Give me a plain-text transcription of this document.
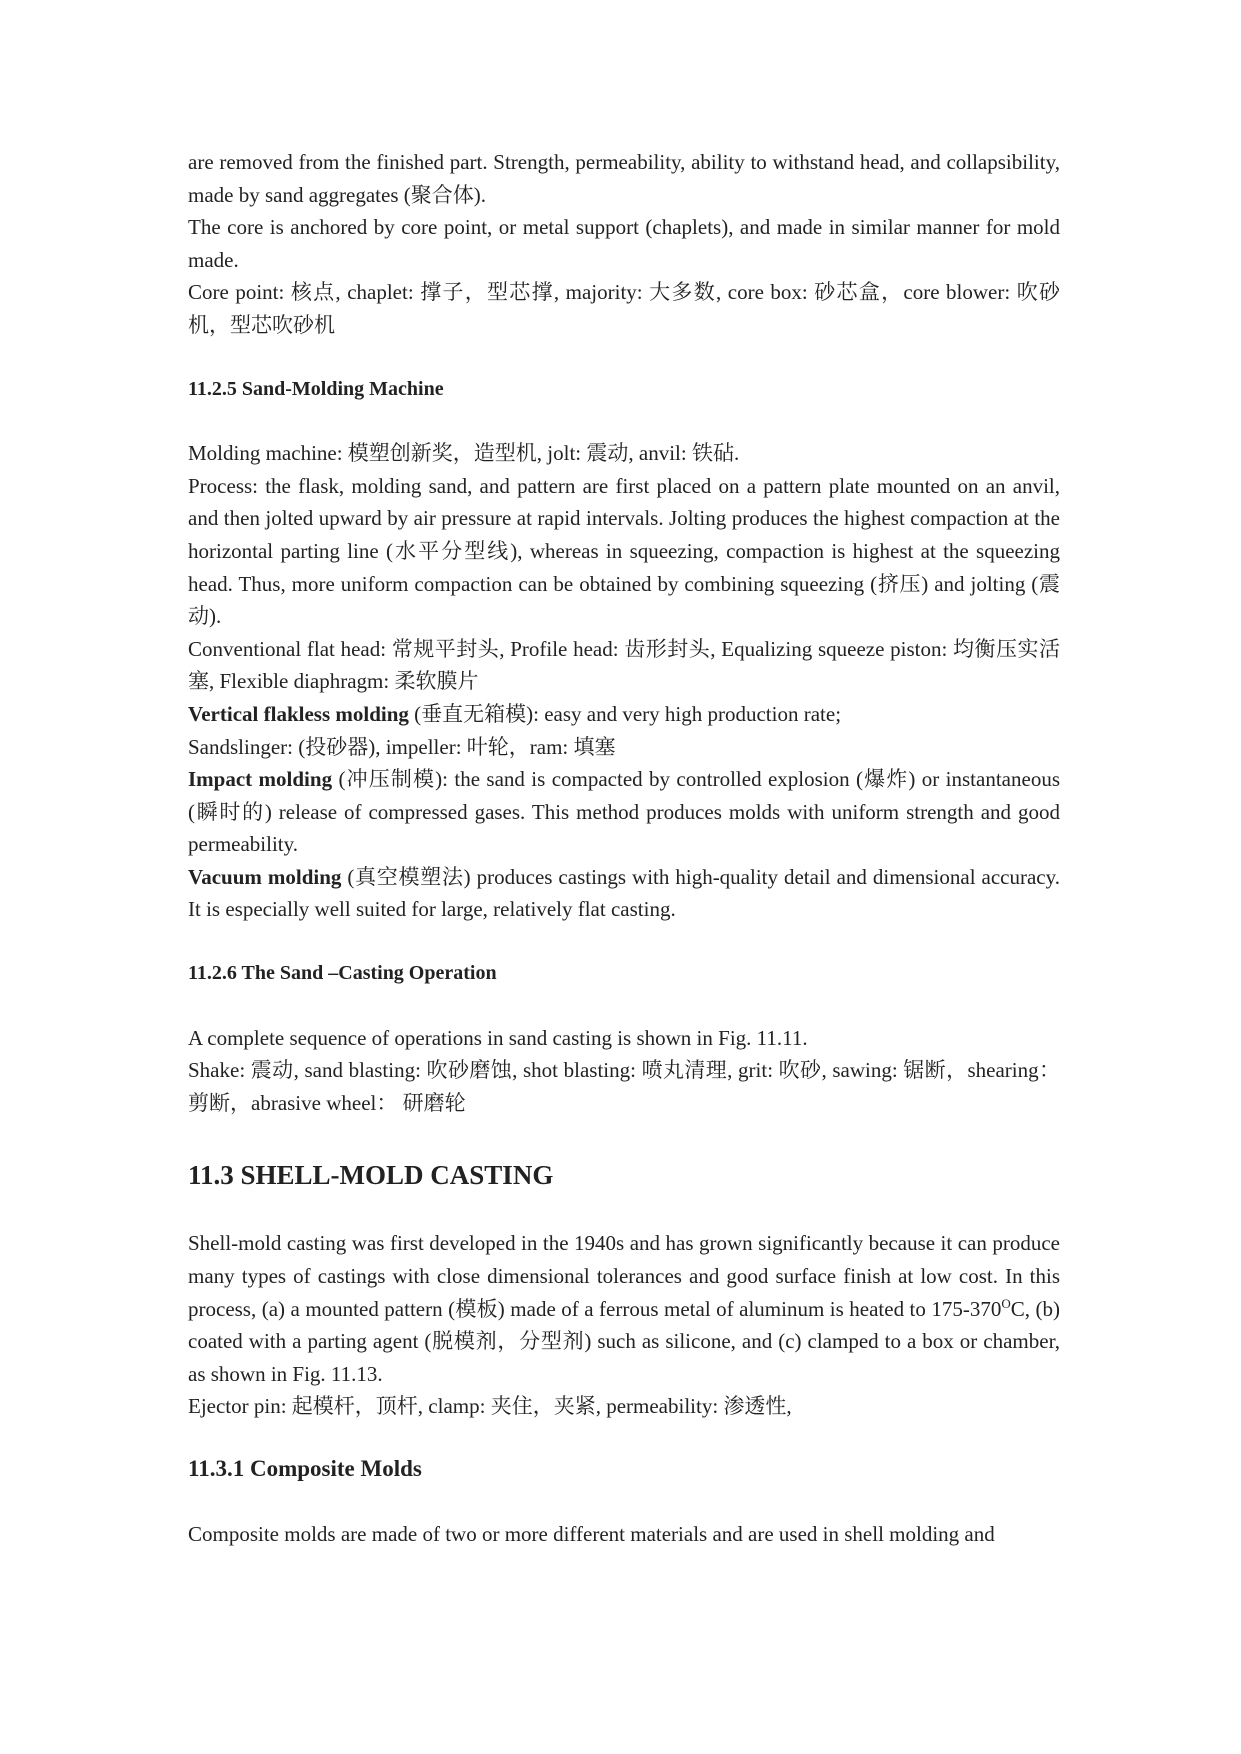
are removed from the finished part. Strength, permeability, ability to withstand head, and collapsibility, made by sand aggregates (聚合体).

The core is anchored by core point, or metal support (chaplets), and made in similar manner for mold made.

Core point: 核点, chaplet: 撑子，型芯撑, majority: 大多数, core box: 砂芯盒，core blower: 吹砂机，型芯吹砂机

11.2.5 Sand-Molding Machine

Molding machine: 模塑创新奖，造型机, jolt: 震动, anvil: 铁砧.

Process: the flask, molding sand, and pattern are first placed on a pattern plate mounted on an anvil, and then jolted upward by air pressure at rapid intervals. Jolting produces the highest compaction at the horizontal parting line (水平分型线), whereas in squeezing, compaction is highest at the squeezing head. Thus, more uniform compaction can be obtained by combining squeezing (挤压) and jolting (震动).

Conventional flat head: 常规平封头, Profile head: 齿形封头, Equalizing squeeze piston: 均衡压实活塞, Flexible diaphragm: 柔软膜片

Vertical flakless molding (垂直无箱模): easy and very high production rate;

Sandslinger: (投砂器), impeller: 叶轮，ram: 填塞

Impact molding (冲压制模): the sand is compacted by controlled explosion (爆炸) or instantaneous (瞬时的) release of compressed gases. This method produces molds with uniform strength and good permeability.

Vacuum molding (真空模塑法) produces castings with high-quality detail and dimensional accuracy. It is especially well suited for large, relatively flat casting.

11.2.6 The Sand –Casting Operation

A complete sequence of operations in sand casting is shown in Fig. 11.11.

Shake: 震动, sand blasting: 吹砂磨蚀, shot blasting: 喷丸清理, grit: 吹砂, sawing: 锯断，shearing：剪断，abrasive wheel： 研磨轮

11.3 SHELL-MOLD CASTING

Shell-mold casting was first developed in the 1940s and has grown significantly because it can produce many types of castings with close dimensional tolerances and good surface finish at low cost. In this process, (a) a mounted pattern (模板) made of a ferrous metal of aluminum is heated to $175-370^OC$, (b) coated with a parting agent (脱模剂，分型剂) such as silicone, and (c) clamped to a box or chamber, as shown in Fig. 11.13.

Ejector pin: 起模杆，顶杆, clamp: 夹住，夹紧, permeability: 渗透性,

11.3.1 Composite Molds

Composite molds are made of two or more different materials and are used in shell molding and
